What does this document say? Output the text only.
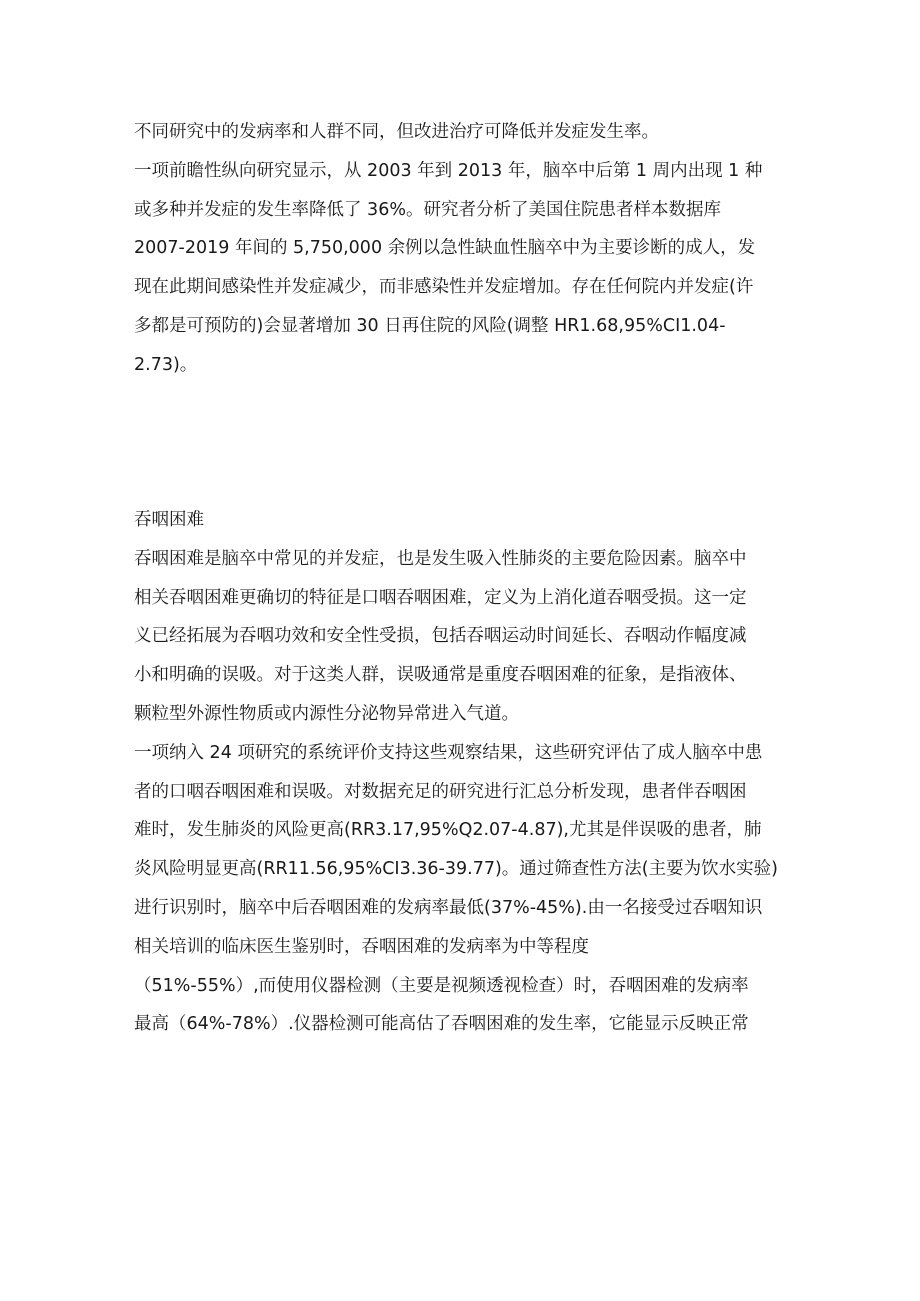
不同研究中的发病率和人群不同，但改进治疗可降低并发症发生率。
一项前瞻性纵向研究显示，从 2003 年到 2013 年，脑卒中后第 1 周内出现 1 种
或多种并发症的发生率降低了 36%。研究者分析了美国住院患者样本数据库
2007-2019 年间的 5,750,000 余例以急性缺血性脑卒中为主要诊断的成人，发
现在此期间感染性并发症减少，而非感染性并发症增加。存在任何院内并发症(许
多都是可预防的)会显著增加 30 日再住院的风险(调整 HR1.68,95%CI1.04-
2.73)。
吞咽困难
吞咽困难是脑卒中常见的并发症，也是发生吸入性肺炎的主要危险因素。脑卒中
相关吞咽困难更确切的特征是口咽吞咽困难，定义为上消化道吞咽受损。这一定
义已经拓展为吞咽功效和安全性受损，包括吞咽运动时间延长、吞咽动作幅度减
小和明确的误吸。对于这类人群，误吸通常是重度吞咽困难的征象，是指液体、
颗粒型外源性物质或内源性分泌物异常进入气道。
一项纳入 24 项研究的系统评价支持这些观察结果，这些研究评估了成人脑卒中患
者的口咽吞咽困难和误吸。对数据充足的研究进行汇总分析发现，患者伴吞咽困
难时，发生肺炎的风险更高(RR3.17,95%Q2.07-4.87),尤其是伴误吸的患者，肺
炎风险明显更高(RR11.56,95%CI3.36-39.77)。通过筛查性方法(主要为饮水实验)
进行识别时，脑卒中后吞咽困难的发病率最低(37%-45%).由一名接受过吞咽知识
相关培训的临床医生鉴别时，吞咽困难的发病率为中等程度
（51%-55%）,而使用仪器检测（主要是视频透视检查）时，吞咽困难的发病率
最高（64%-78%）.仪器检测可能高估了吞咽困难的发生率，它能显示反映正常
